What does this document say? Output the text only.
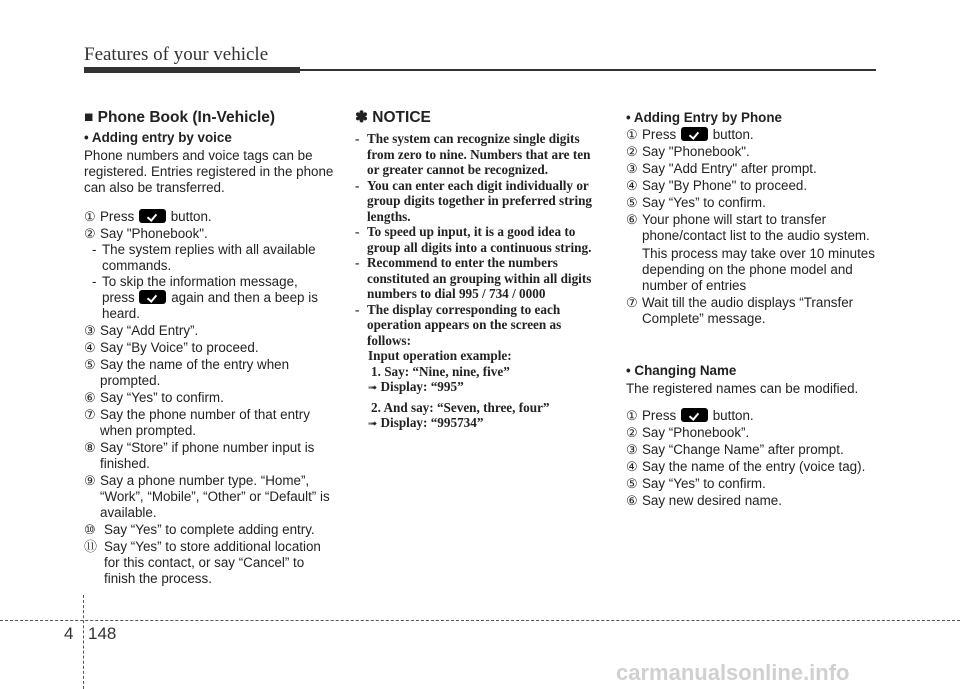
Features of your vehicle
■ Phone Book (In-Vehicle)
• Adding entry by voice
Phone numbers and voice tags can be registered. Entries registered in the phone can also be transferred.
① Press	button.
② Say "Phonebook".
- The system replies with all available commands.
- To skip the information message, press	again and then a beep is heard.
③ Say “Add Entry”.
④ Say “By Voice” to proceed.
⑤ Say the name of the entry when prompted.
⑥ Say “Yes” to confirm.
⑦ Say the phone number of that entry when prompted.
⑧ Say “Store” if phone number input is finished.
⑨ Say a phone number type. “Home”, “Work”, “Mobile”, “Other” or “Default” is available.
⑩ Say “Yes” to complete adding entry.
⑪ Say “Yes” to store additional location for this contact, or say “Cancel” to finish the process.
✽ NOTICE
- The system can recognize single digits from zero to nine. Numbers that are ten or greater cannot be recognized.
- You can enter each digit individually or group digits together in preferred string lengths.
- To speed up input, it is a good idea to group all digits into a continuous string.
- Recommend to enter the numbers constituted an grouping within all digits numbers to dial 995 / 734 / 0000
- The display corresponding to each operation appears on the screen as follows:
Input operation example:
1. Say: “Nine, nine, five”
➟ Display: “995”
2. And say: “Seven, three, four”
➟ Display: “995734”
• Adding Entry by Phone
① Press	button.
② Say "Phonebook".
③ Say "Add Entry" after prompt.
④ Say "By Phone" to proceed.
⑤ Say “Yes” to confirm.
⑥ Your phone will start to transfer phone/contact list to the audio system.
This process may take over 10 minutes depending on the phone model and number of entries
⑦ Wait till the audio displays “Transfer Complete” message.
• Changing Name
The registered names can be modified.
① Press	button.
② Say “Phonebook”.
③ Say “Change Name” after prompt.
④ Say the name of the entry (voice tag).
⑤ Say “Yes” to confirm.
⑥ Say new desired name.
4 148
carmanualsonline.info
